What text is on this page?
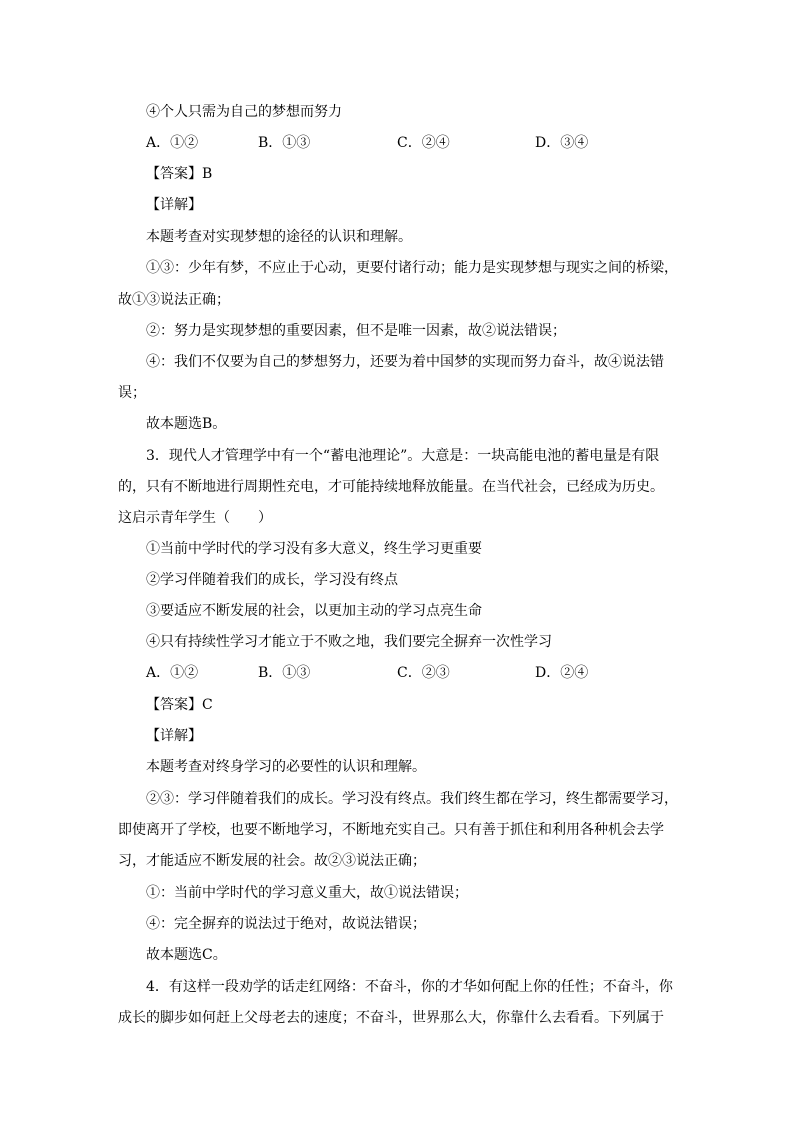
④个人只需为自己的梦想而努力
A．①②	B．①③	C．②④	D．③④
【答案】B
【详解】
本题考查对实现梦想的途径的认识和理解。
①③：少年有梦，不应止于心动，更要付诸行动；能力是实现梦想与现实之间的桥梁，
故①③说法正确；
②：努力是实现梦想的重要因素，但不是唯一因素，故②说法错误；
④：我们不仅要为自己的梦想努力，还要为着中国梦的实现而努力奋斗，故④说法错
误；
故本题选B。
3．现代人才管理学中有一个“蓄电池理论”。大意是：一块高能电池的蓄电量是有限
的，只有不断地进行周期性充电，才可能持续地释放能量。在当代社会，已经成为历史。
这启示青年学生（　　）
①当前中学时代的学习没有多大意义，终生学习更重要
②学习伴随着我们的成长，学习没有终点
③要适应不断发展的社会，以更加主动的学习点亮生命
④只有持续性学习才能立于不败之地，我们要完全摒弃一次性学习
A．①②	B．①③	C．②③	D．②④
【答案】C
【详解】
本题考查对终身学习的必要性的认识和理解。
②③：学习伴随着我们的成长。学习没有终点。我们终生都在学习，终生都需要学习，
即使离开了学校，也要不断地学习，不断地充实自己。只有善于抓住和利用各种机会去学
习，才能适应不断发展的社会。故②③说法正确；
①：当前中学时代的学习意义重大，故①说法错误；
④：完全摒弃的说法过于绝对，故说法错误；
故本题选C。
4．有这样一段劝学的话走红网络：不奋斗，你的才华如何配上你的任性；不奋斗，你
成长的脚步如何赶上父母老去的速度；不奋斗，世界那么大，你靠什么去看看。下列属于
